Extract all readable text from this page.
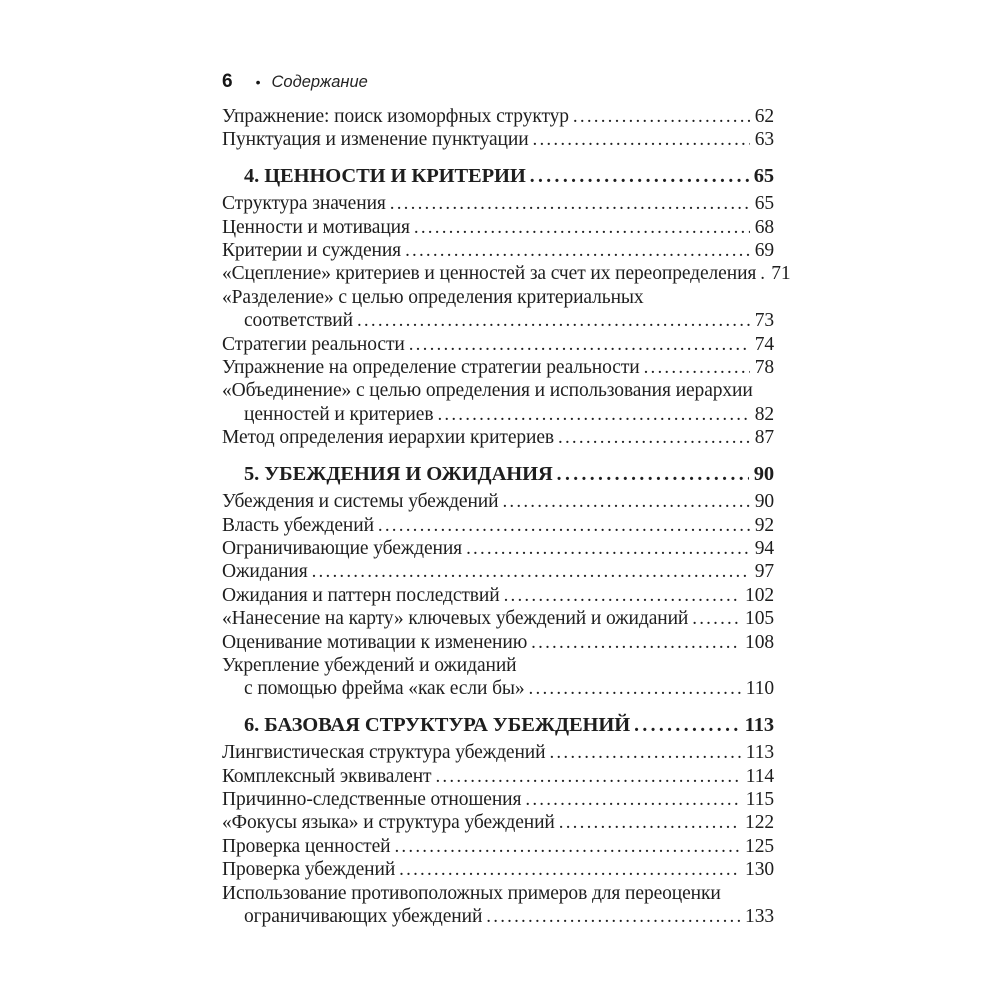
6 • Содержание
Упражнение: поиск изоморфных структур .....	62
Пунктуация и изменение пунктуации .....	63
4. ЦЕННОСТИ И КРИТЕРИИ .....	65
Структура значения .....	65
Ценности и мотивация .....	68
Критерии и суждения .....	69
«Сцепление» критериев и ценностей за счет их переопределения ..... 71
«Разделение» с целью определения критериальных
соответствий .....	73
Стратегии реальности .....	74
Упражнение на определение стратегии реальности .....	78
«Объединение» с целью определения и использования иерархии
ценностей и критериев .....	82
Метод определения иерархии критериев .....	87
5. УБЕЖДЕНИЯ И ОЖИДАНИЯ .....	90
Убеждения и системы убеждений .....	90
Власть убеждений .....	92
Ограничивающие убеждения .....	94
Ожидания .....	97
Ожидания и паттерн последствий .....	102
«Нанесение на карту» ключевых убеждений и ожиданий .....	105
Оценивание мотивации к изменению .....	108
Укрепление убеждений и ожиданий
с помощью фрейма «как если бы» .....	110
6. БАЗОВАЯ СТРУКТУРА УБЕЖДЕНИЙ .....	113
Лингвистическая структура убеждений .....	113
Комплексный эквивалент .....	114
Причинно-следственные отношения .....	115
«Фокусы языка» и структура убеждений .....	122
Проверка ценностей .....	125
Проверка убеждений .....	130
Использование противоположных примеров для переоценки
ограничивающих убеждений .....	133
